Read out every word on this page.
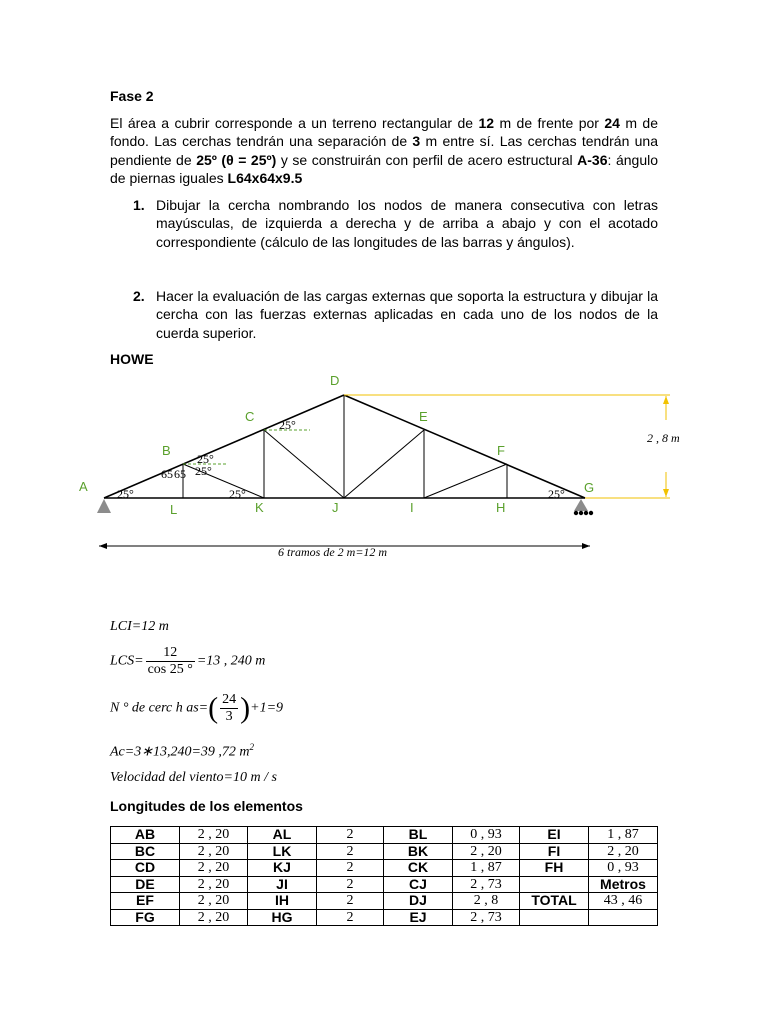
Fase 2
El área a cubrir corresponde a un terreno rectangular de 12 m de frente por 24 m de fondo. Las cerchas tendrán una separación de 3 m entre sí. Las cerchas tendrán una pendiente de 25º (θ = 25º) y se construirán con perfil de acero estructural A-36: ángulo de piernas iguales L64x64x9.5
1. Dibujar la cercha nombrando los nodos de manera consecutiva con letras mayúsculas, de izquierda a derecha y de arriba a abajo y con el acotado correspondiente (cálculo de las longitudes de las barras y ángulos).
2. Hacer la evaluación de las cargas externas que soporta la estructura y dibujar la cercha con las fuerzas externas aplicadas en cada uno de los nodos de la cuerda superior.
HOWE
A
B
C
D
E
F
G
L	K	J	I	H
25°	25°	25°
25°
25°
65 65 25°
2 , 8 m
6 tramos de 2 m=12 m
LCI=12 m
$LCS= \frac{12}{\cos 25 ^\circ} =13$ , 240 m
N ° de cerc h $as=( \frac{24}{3} )+1=9$
Ac=3∗13,240=39 ,72 $m^2$
Velocidad del viento=10 m / s
Longitudes de los elementos
AB	2 , 20	AL	2	BL	0 , 93	EI	1 , 87
BC	2 , 20	LK	2	BK	2 , 20	FI	2 , 20
CD	2 , 20	KJ	2	CK	1 , 87	FH	0 , 93
DE	2 , 20	JI	2	CJ	2 , 73		Metros
EF	2 , 20	IH	2	DJ	2 , 8	TOTAL	43 , 46
FG	2 , 20	HG	2	EJ	2 , 73		
